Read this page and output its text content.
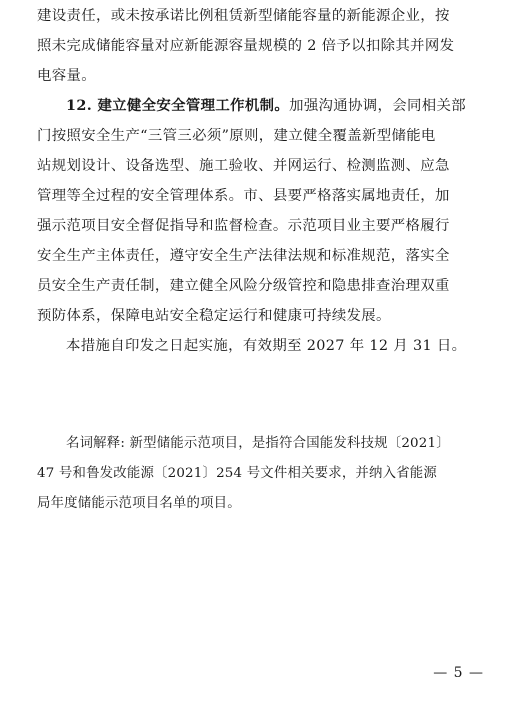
建设责任，或未按承诺比例租赁新型储能容量的新能源企业，按
照未完成储能容量对应新能源容量规模的 2 倍予以扣除其并网发
电容量。
12. 建立健全安全管理工作机制。加强沟通协调，会同相关部
门按照安全生产“三管三必须”原则，建立健全覆盖新型储能电
站规划设计、设备选型、施工验收、并网运行、检测监测、应急
管理等全过程的安全管理体系。市、县要严格落实属地责任，加
强示范项目安全督促指导和监督检查。示范项目业主要严格履行
安全生产主体责任，遵守安全生产法律法规和标准规范，落实全
员安全生产责任制，建立健全风险分级管控和隐患排查治理双重
预防体系，保障电站安全稳定运行和健康可持续发展。
本措施自印发之日起实施，有效期至 2027 年 12 月 31 日。
名词解释: 新型储能示范项目，是指符合国能发科技规〔2021〕
47 号和鲁发改能源〔2021〕254 号文件相关要求，并纳入省能源
局年度储能示范项目名单的项目。
— 5 —
